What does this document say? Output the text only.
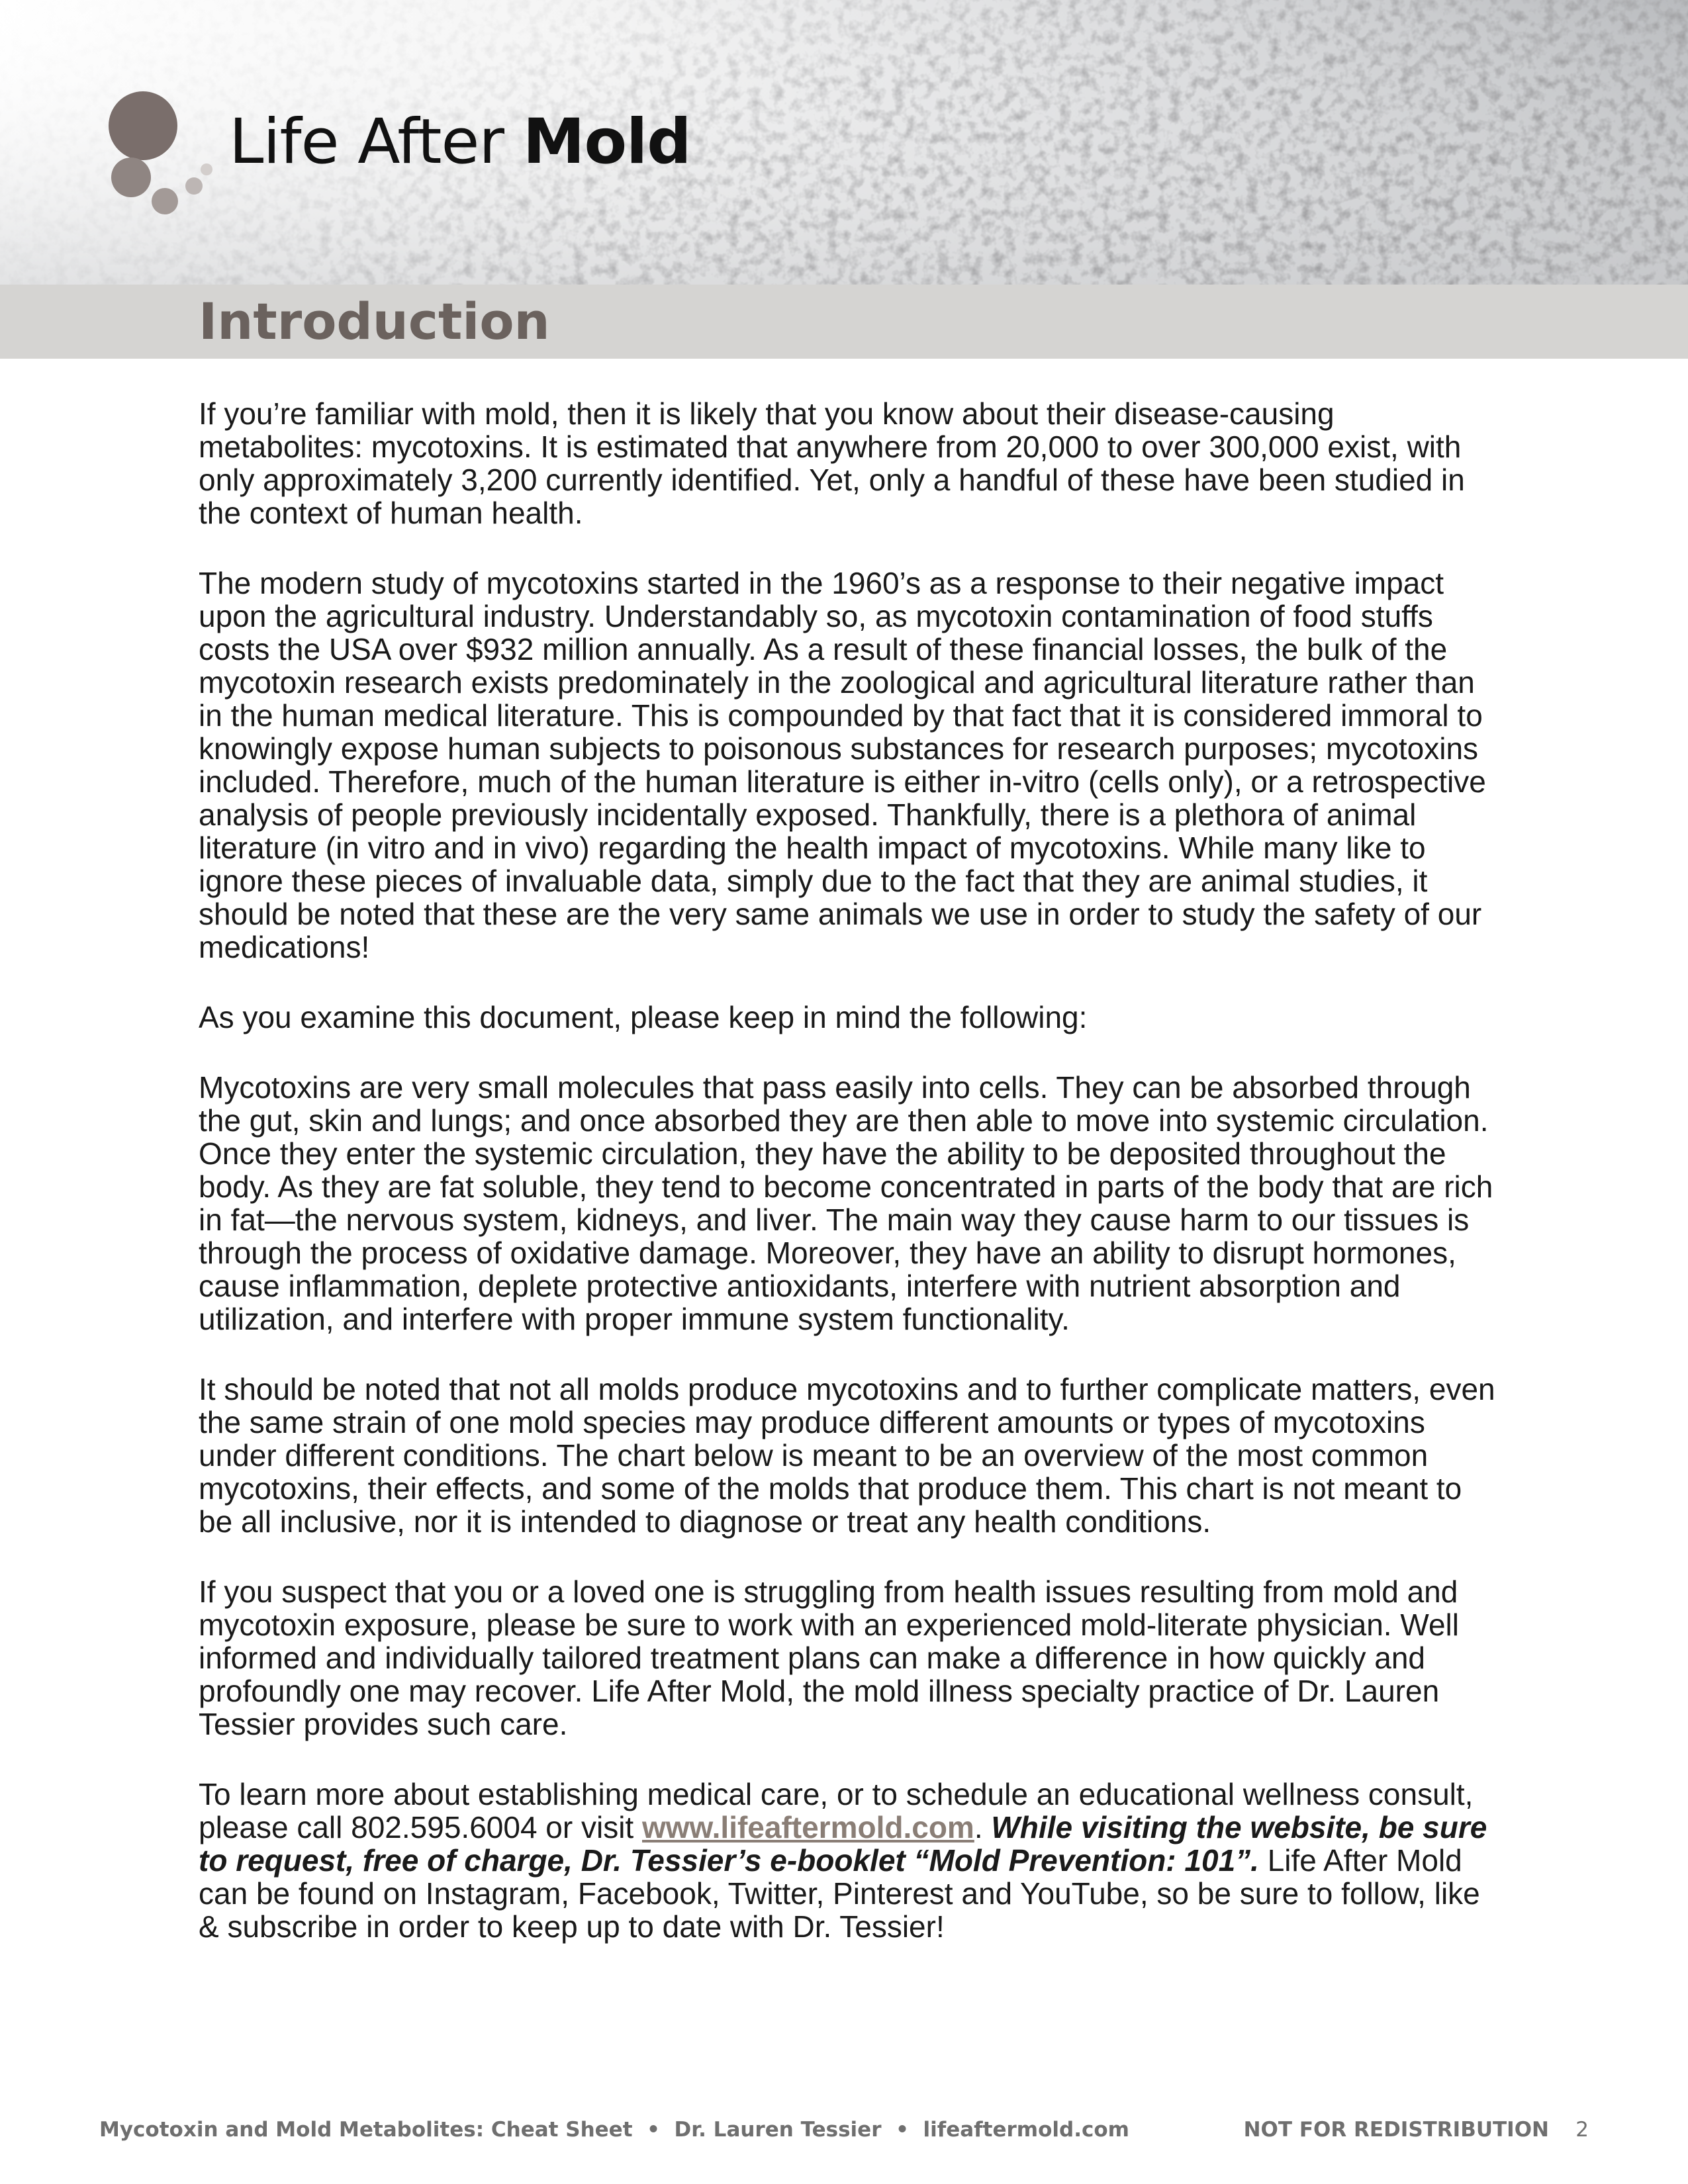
Life After Mold
Introduction

If you’re familiar with mold, then it is likely that you know about their disease-causing metabolites: mycotoxins. It is estimated that anywhere from 20,000 to over 300,000 exist, with only approximately 3,200 currently identified. Yet, only a handful of these have been studied in the context of human health.

The modern study of mycotoxins started in the 1960’s as a response to their negative impact upon the agricultural industry. Understandably so, as mycotoxin contamination of food stuffs costs the USA over $932 million annually. As a result of these financial losses, the bulk of the mycotoxin research exists predominately in the zoological and agricultural literature rather than in the human medical literature. This is compounded by that fact that it is considered immoral to knowingly expose human subjects to poisonous substances for research purposes; mycotoxins included. Therefore, much of the human literature is either in-vitro (cells only), or a retrospective analysis of people previously incidentally exposed. Thankfully, there is a plethora of animal literature (in vitro and in vivo) regarding the health impact of mycotoxins. While many like to ignore these pieces of invaluable data, simply due to the fact that they are animal studies, it should be noted that these are the very same animals we use in order to study the safety of our medications!

As you examine this document, please keep in mind the following:

Mycotoxins are very small molecules that pass easily into cells. They can be absorbed through the gut, skin and lungs; and once absorbed they are then able to move into systemic circulation. Once they enter the systemic circulation, they have the ability to be deposited throughout the body. As they are fat soluble, they tend to become concentrated in parts of the body that are rich in fat—the nervous system, kidneys, and liver. The main way they cause harm to our tissues is through the process of oxidative damage. Moreover, they have an ability to disrupt hormones, cause inflammation, deplete protective antioxidants, interfere with nutrient absorption and utilization, and interfere with proper immune system functionality.

It should be noted that not all molds produce mycotoxins and to further complicate matters, even the same strain of one mold species may produce different amounts or types of mycotoxins under different conditions. The chart below is meant to be an overview of the most common mycotoxins, their effects, and some of the molds that produce them. This chart is not meant to be all inclusive, nor it is intended to diagnose or treat any health conditions.

If you suspect that you or a loved one is struggling from health issues resulting from mold and mycotoxin exposure, please be sure to work with an experienced mold-literate physician. Well informed and individually tailored treatment plans can make a difference in how quickly and profoundly one may recover. Life After Mold, the mold illness specialty practice of Dr. Lauren Tessier provides such care.

To learn more about establishing medical care, or to schedule an educational wellness consult, please call 802.595.6004 or visit www.lifeaftermold.com. While visiting the website, be sure to request, free of charge, Dr. Tessier’s e-booklet “Mold Prevention: 101”. Life After Mold can be found on Instagram, Facebook, Twitter, Pinterest and YouTube, so be sure to follow, like & subscribe in order to keep up to date with Dr. Tessier!

Mycotoxin and Mold Metabolites: Cheat Sheet  •  Dr. Lauren Tessier  •  lifeaftermold.com	NOT FOR REDISTRIBUTION 2
